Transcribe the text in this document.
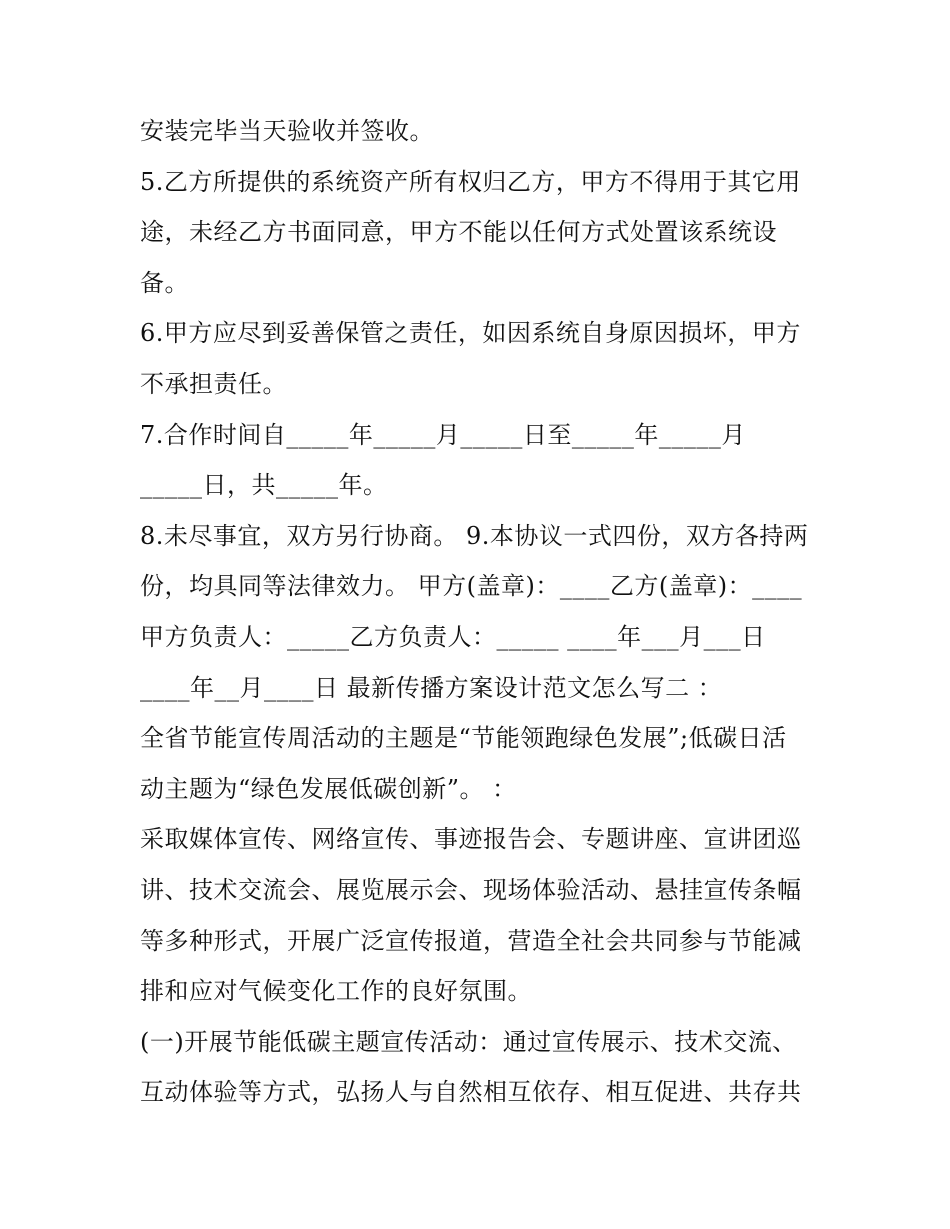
安装完毕当天验收并签收。
5.乙方所提供的系统资产所有权归乙方，甲方不得用于其它用
途，未经乙方书面同意，甲方不能以任何方式处置该系统设
备。
6.甲方应尽到妥善保管之责任，如因系统自身原因损坏，甲方
不承担责任。
7.合作时间自_____年_____月_____日至_____年_____月
_____日，共_____年。
8.未尽事宜，双方另行协商。 9.本协议一式四份，双方各持两
份，均具同等法律效力。 甲方(盖章)：____乙方(盖章)：____
甲方负责人：_____乙方负责人：_____ ____年___月___日
____年__月____日 最新传播方案设计范文怎么写二 ：
全省节能宣传周活动的主题是“节能领跑绿色发展”;低碳日活
动主题为“绿色发展低碳创新”。 ：
采取媒体宣传、网络宣传、事迹报告会、专题讲座、宣讲团巡
讲、技术交流会、展览展示会、现场体验活动、悬挂宣传条幅
等多种形式，开展广泛宣传报道，营造全社会共同参与节能减
排和应对气候变化工作的良好氛围。
(一)开展节能低碳主题宣传活动：通过宣传展示、技术交流、
互动体验等方式，弘扬人与自然相互依存、相互促进、共存共
